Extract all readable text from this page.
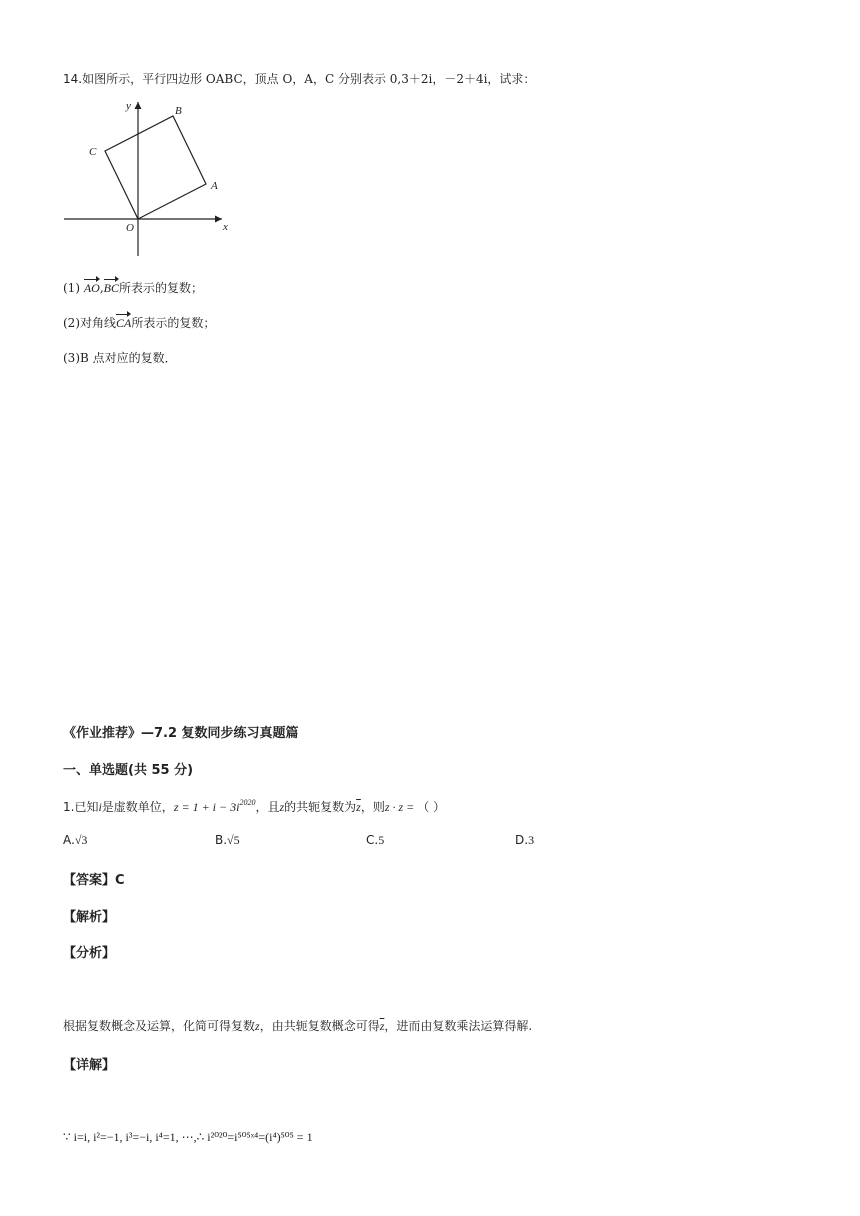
14.如图所示，平行四边形 OABC，顶点 O，A，C 分别表示 0,3＋2i，－2＋4i，试求：
y
x
O
A
B
C
(1) AO,BC所表示的复数；
(2)对角线CA所表示的复数；
(3)B 点对应的复数．
《作业推荐》—7.2 复数同步练习真题篇
一、单选题(共 55 分)
1.已知i是虚数单位，$z = 1 + i - 3i^{2020}$，且z的共轭复数为$\overline{z}$，则z · z = （ ）
A.√3	B.√5	C.5	D.3
【答案】C
【解析】
【分析】
根据复数概念及运算，化简可得复数z，由共轭复数概念可得$\overline{z}$，进而由复数乘法运算得解.
【详解】
∵ i=i, i²=−1, i³=−i, i⁴=1, ⋯,∴ i²⁰²⁰=i⁵⁰⁵ˣ⁴=(i⁴)⁵⁰⁵ = 1
